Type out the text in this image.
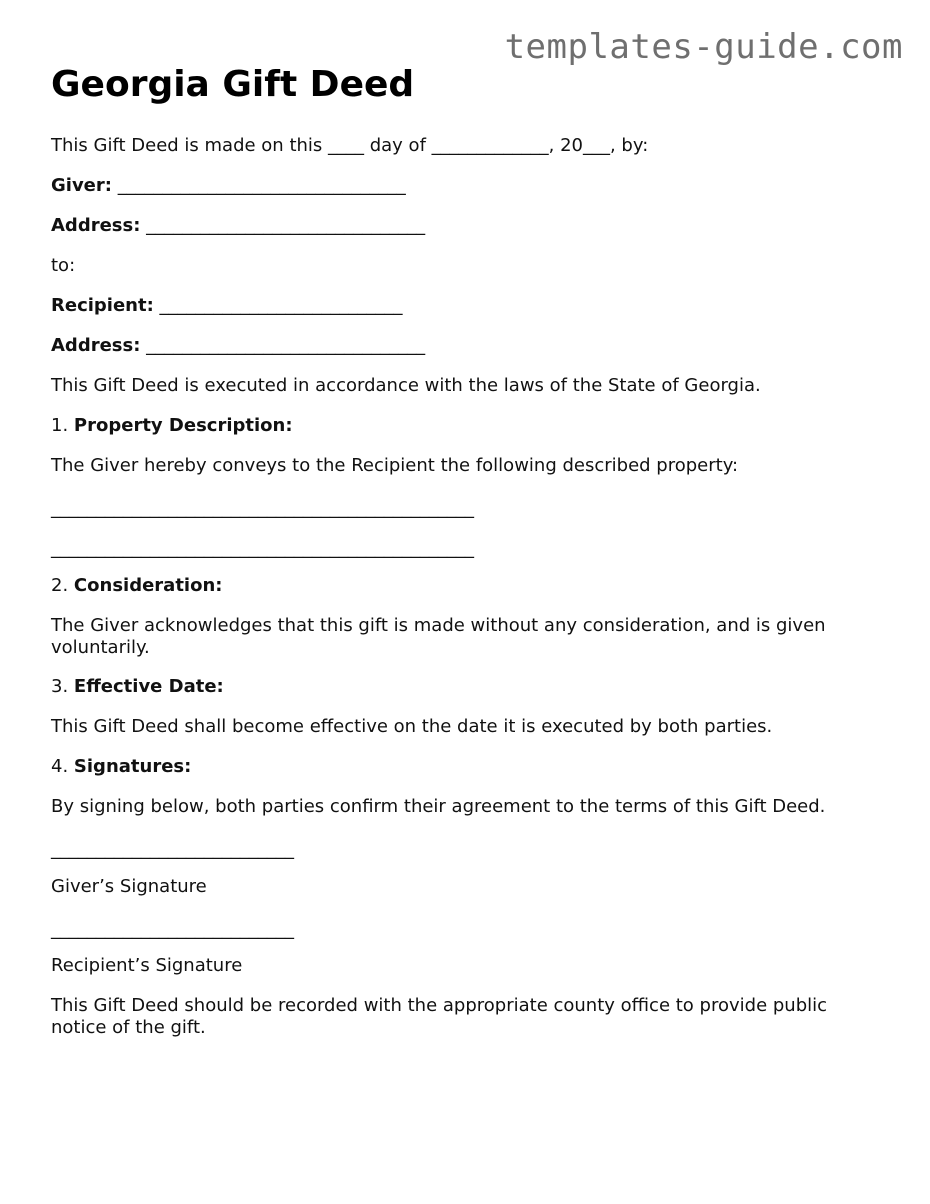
templates-guide.com
Georgia Gift Deed
This Gift Deed is made on this ____ day of _____________, 20___, by:
Giver: ________________________________
Address: _______________________________
to:
Recipient: ___________________________
Address: _______________________________
This Gift Deed is executed in accordance with the laws of the State of Georgia.
1. Property Description:
The Giver hereby conveys to the Recipient the following described property:
_______________________________________________
_______________________________________________
2. Consideration:
The Giver acknowledges that this gift is made without any consideration, and is given voluntarily.
3. Effective Date:
This Gift Deed shall become effective on the date it is executed by both parties.
4. Signatures:
By signing below, both parties confirm their agreement to the terms of this Gift Deed.
___________________________
Giver’s Signature
___________________________
Recipient’s Signature
This Gift Deed should be recorded with the appropriate county office to provide public notice of the gift.
